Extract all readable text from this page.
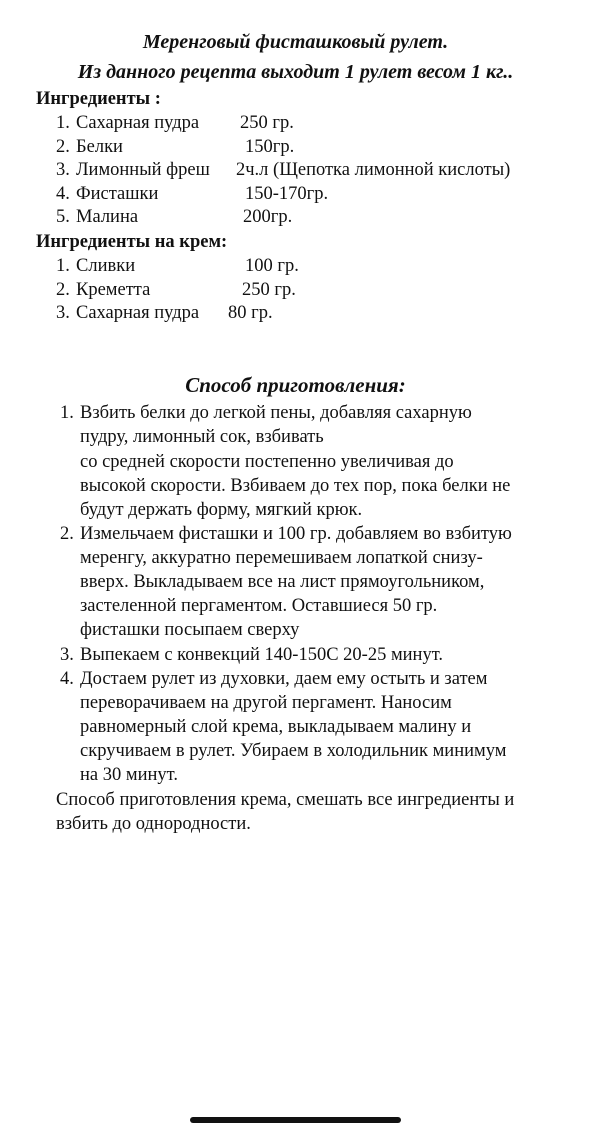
Меренговый фисташковый рулет.
Из данного рецепта выходит 1 рулет весом 1 кг..
Ингредиенты :
1. Сахарная пудра 250 гр.
2. Белки	150гр.
3. Лимонный фреш 2ч.л (Щепотка лимонной кислоты)
4. Фисташки	150-170гр.
5. Малина	200гр.
Ингредиенты на крем:
1. Сливки	100 гр.
2. Креметта	250 гр.
3. Сахарная пудра 80 гр.
Способ приготовления:
1. Взбить белки до легкой пены, добавляя сахарную
пудру, лимонный сок, взбивать
со средней скорости постепенно увеличивая до
высокой скорости. Взбиваем до тех пор, пока белки не
будут держать форму, мягкий крюк.
2. Измельчаем фисташки и 100 гр. добавляем во взбитую
меренгу, аккуратно перемешиваем лопаткой снизу-
вверх. Выкладываем все на лист прямоугольником,
застеленной пергаментом. Оставшиеся 50 гр.
фисташки посыпаем сверху
3. Выпекаем с конвекций 140-150С 20-25 минут.
4. Достаем рулет из духовки, даем ему остыть и затем
переворачиваем на другой пергамент. Наносим
равномерный слой крема, выкладываем малину и
скручиваем в рулет. Убираем в холодильник минимум
на 30 минут.
Способ приготовления крема, смешать все ингредиенты и
взбить до однородности.
